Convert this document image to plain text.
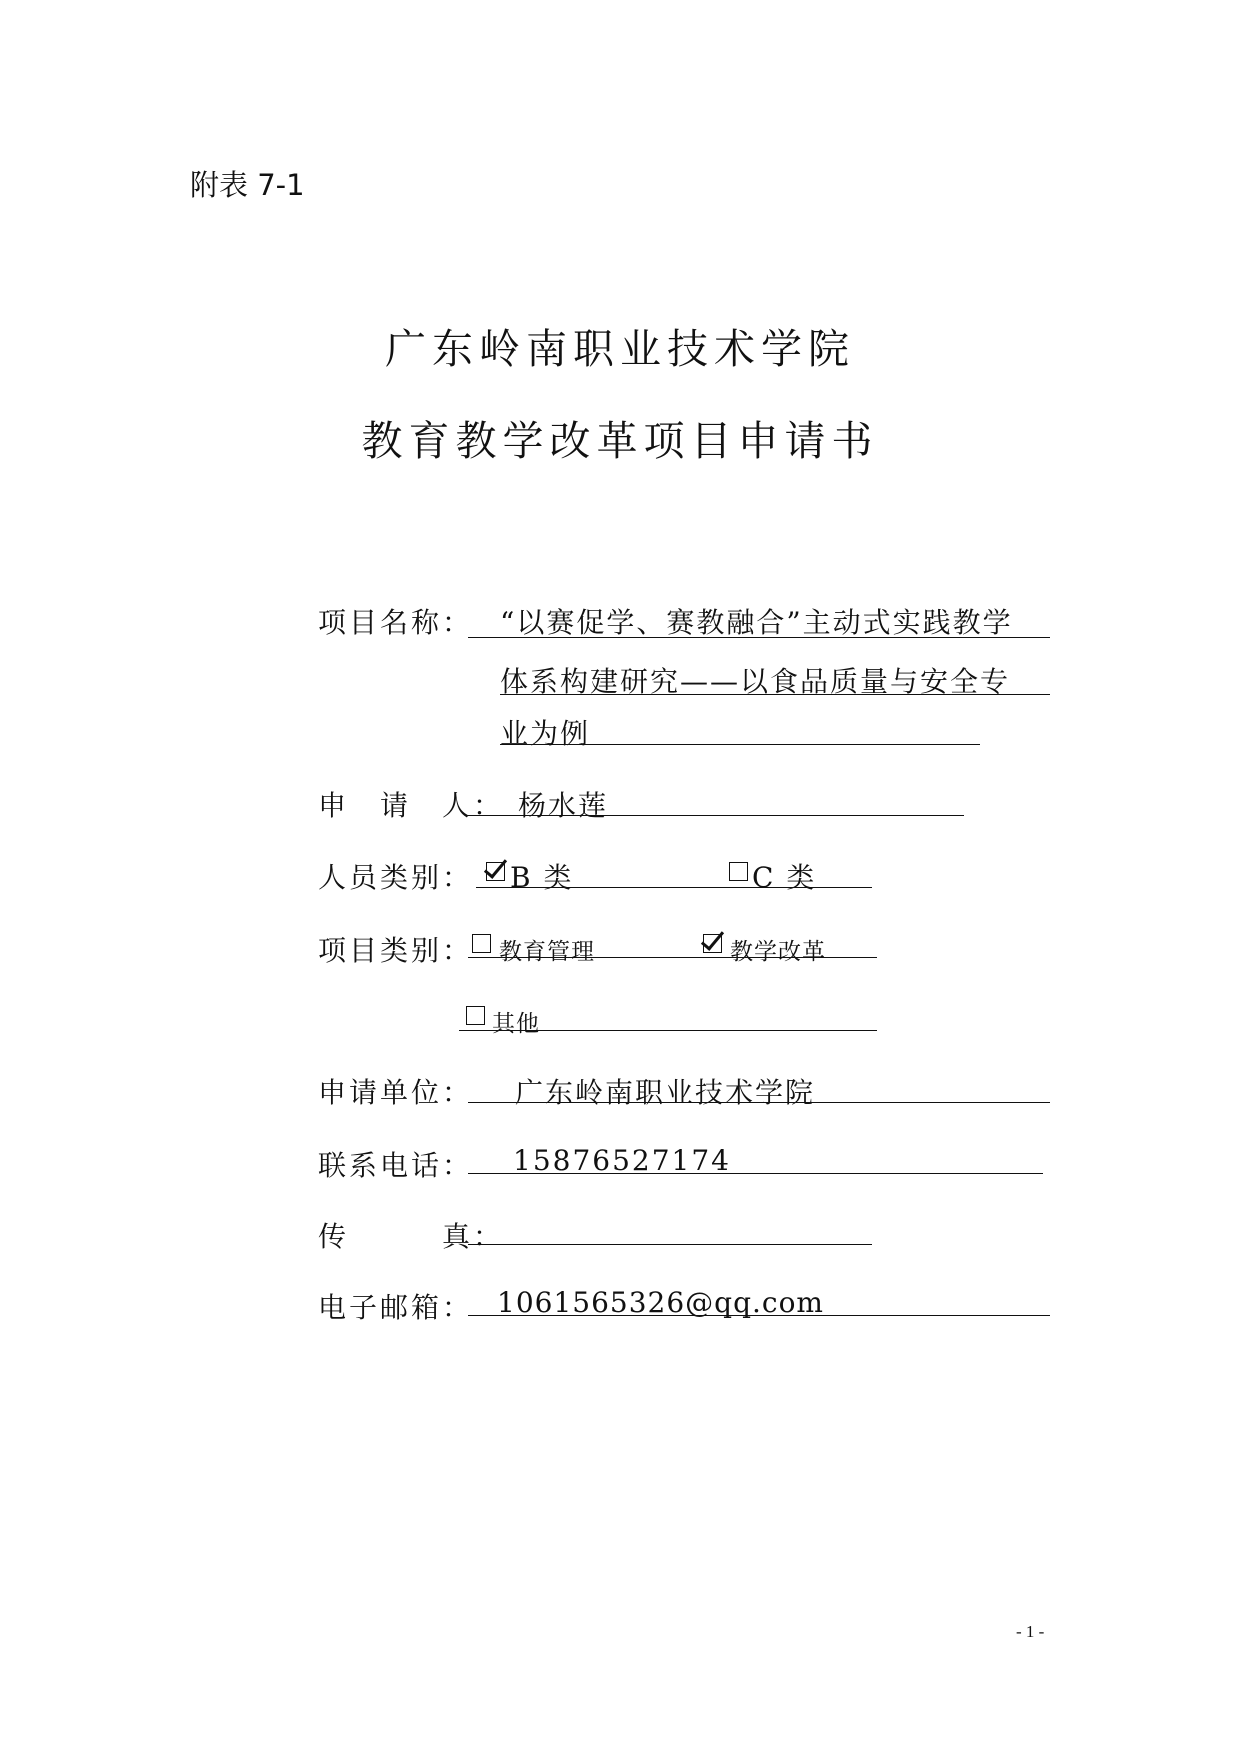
附表 7-1
广东岭南职业技术学院
教育教学改革项目申请书
项目名称： “以赛促学、赛教融合”主动式实践教学
体系构建研究——以食品质量与安全专
业为例
申　请　人： 杨水莲
人员类别： B 类	C 类
项目类别： 教育管理	教学改革
其他
申请单位： 广东岭南职业技术学院
联系电话： 15876527174
传　　　真：
电子邮箱： 1061565326@qq.com
- 1 -
